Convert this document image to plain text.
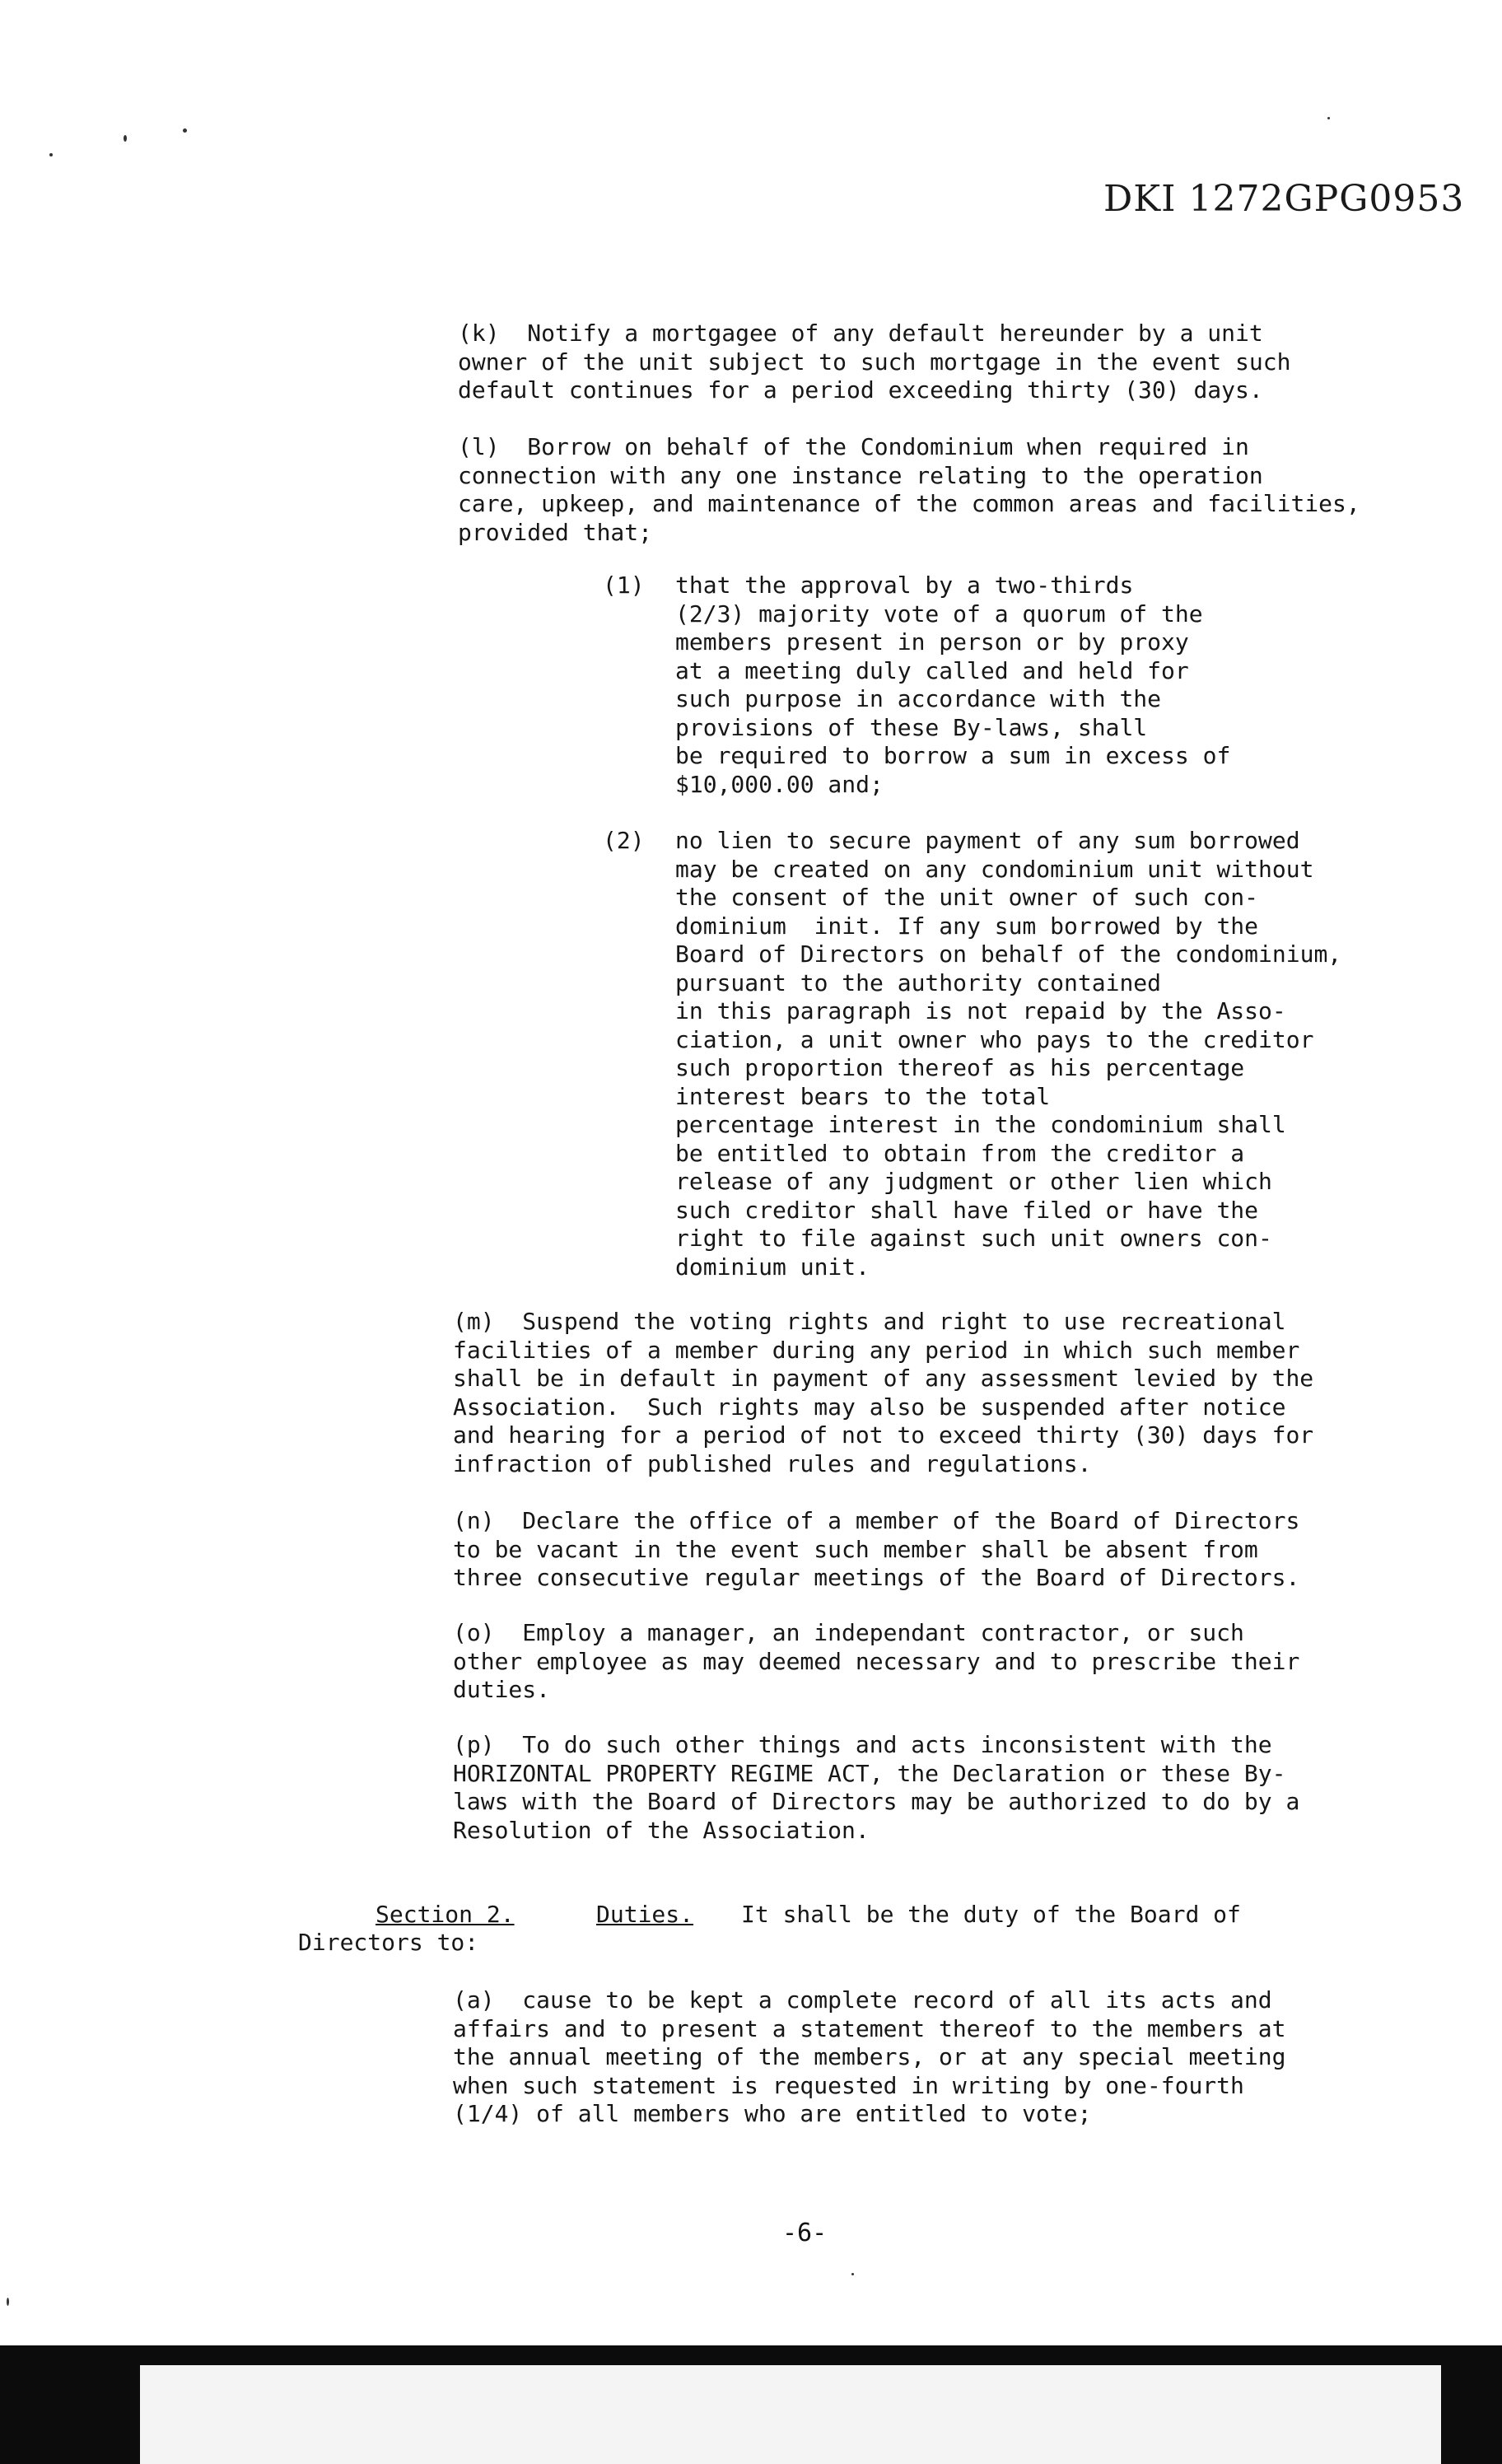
DKI 1272GPG0953
(k)  Notify a mortgagee of any default hereunder by a unit
owner of the unit subject to such mortgage in the event such
default continues for a period exceeding thirty (30) days.
(l)  Borrow on behalf of the Condominium when required in
connection with any one instance relating to the operation
care, upkeep, and maintenance of the common areas and facilities,
provided that;
(1) that the approval by a two-thirds
(2/3) majority vote of a quorum of the
members present in person or by proxy
at a meeting duly called and held for
such purpose in accordance with the
provisions of these By-laws, shall
be required to borrow a sum in excess of
$10,000.00 and;
(2) no lien to secure payment of any sum borrowed
may be created on any condominium unit without
the consent of the unit owner of such con-
dominium  init. If any sum borrowed by the
Board of Directors on behalf of the condominium,
pursuant to the authority contained
in this paragraph is not repaid by the Asso-
ciation, a unit owner who pays to the creditor
such proportion thereof as his percentage
interest bears to the total
percentage interest in the condominium shall
be entitled to obtain from the creditor a
release of any judgment or other lien which
such creditor shall have filed or have the
right to file against such unit owners con-
dominium unit.
(m)  Suspend the voting rights and right to use recreational
facilities of a member during any period in which such member
shall be in default in payment of any assessment levied by the
Association.  Such rights may also be suspended after notice
and hearing for a period of not to exceed thirty (30) days for
infraction of published rules and regulations.
(n)  Declare the office of a member of the Board of Directors
to be vacant in the event such member shall be absent from
three consecutive regular meetings of the Board of Directors.
(o)  Employ a manager, an independant contractor, or such
other employee as may deemed necessary and to prescribe their
duties.
(p)  To do such other things and acts inconsistent with the
HORIZONTAL PROPERTY REGIME ACT, the Declaration or these By-
laws with the Board of Directors may be authorized to do by a
Resolution of the Association.
Section 2.	Duties. It shall be the duty of the Board of
Directors to:
(a)  cause to be kept a complete record of all its acts and
affairs and to present a statement thereof to the members at
the annual meeting of the members, or at any special meeting
when such statement is requested in writing by one-fourth
(1/4) of all members who are entitled to vote;
-6-
